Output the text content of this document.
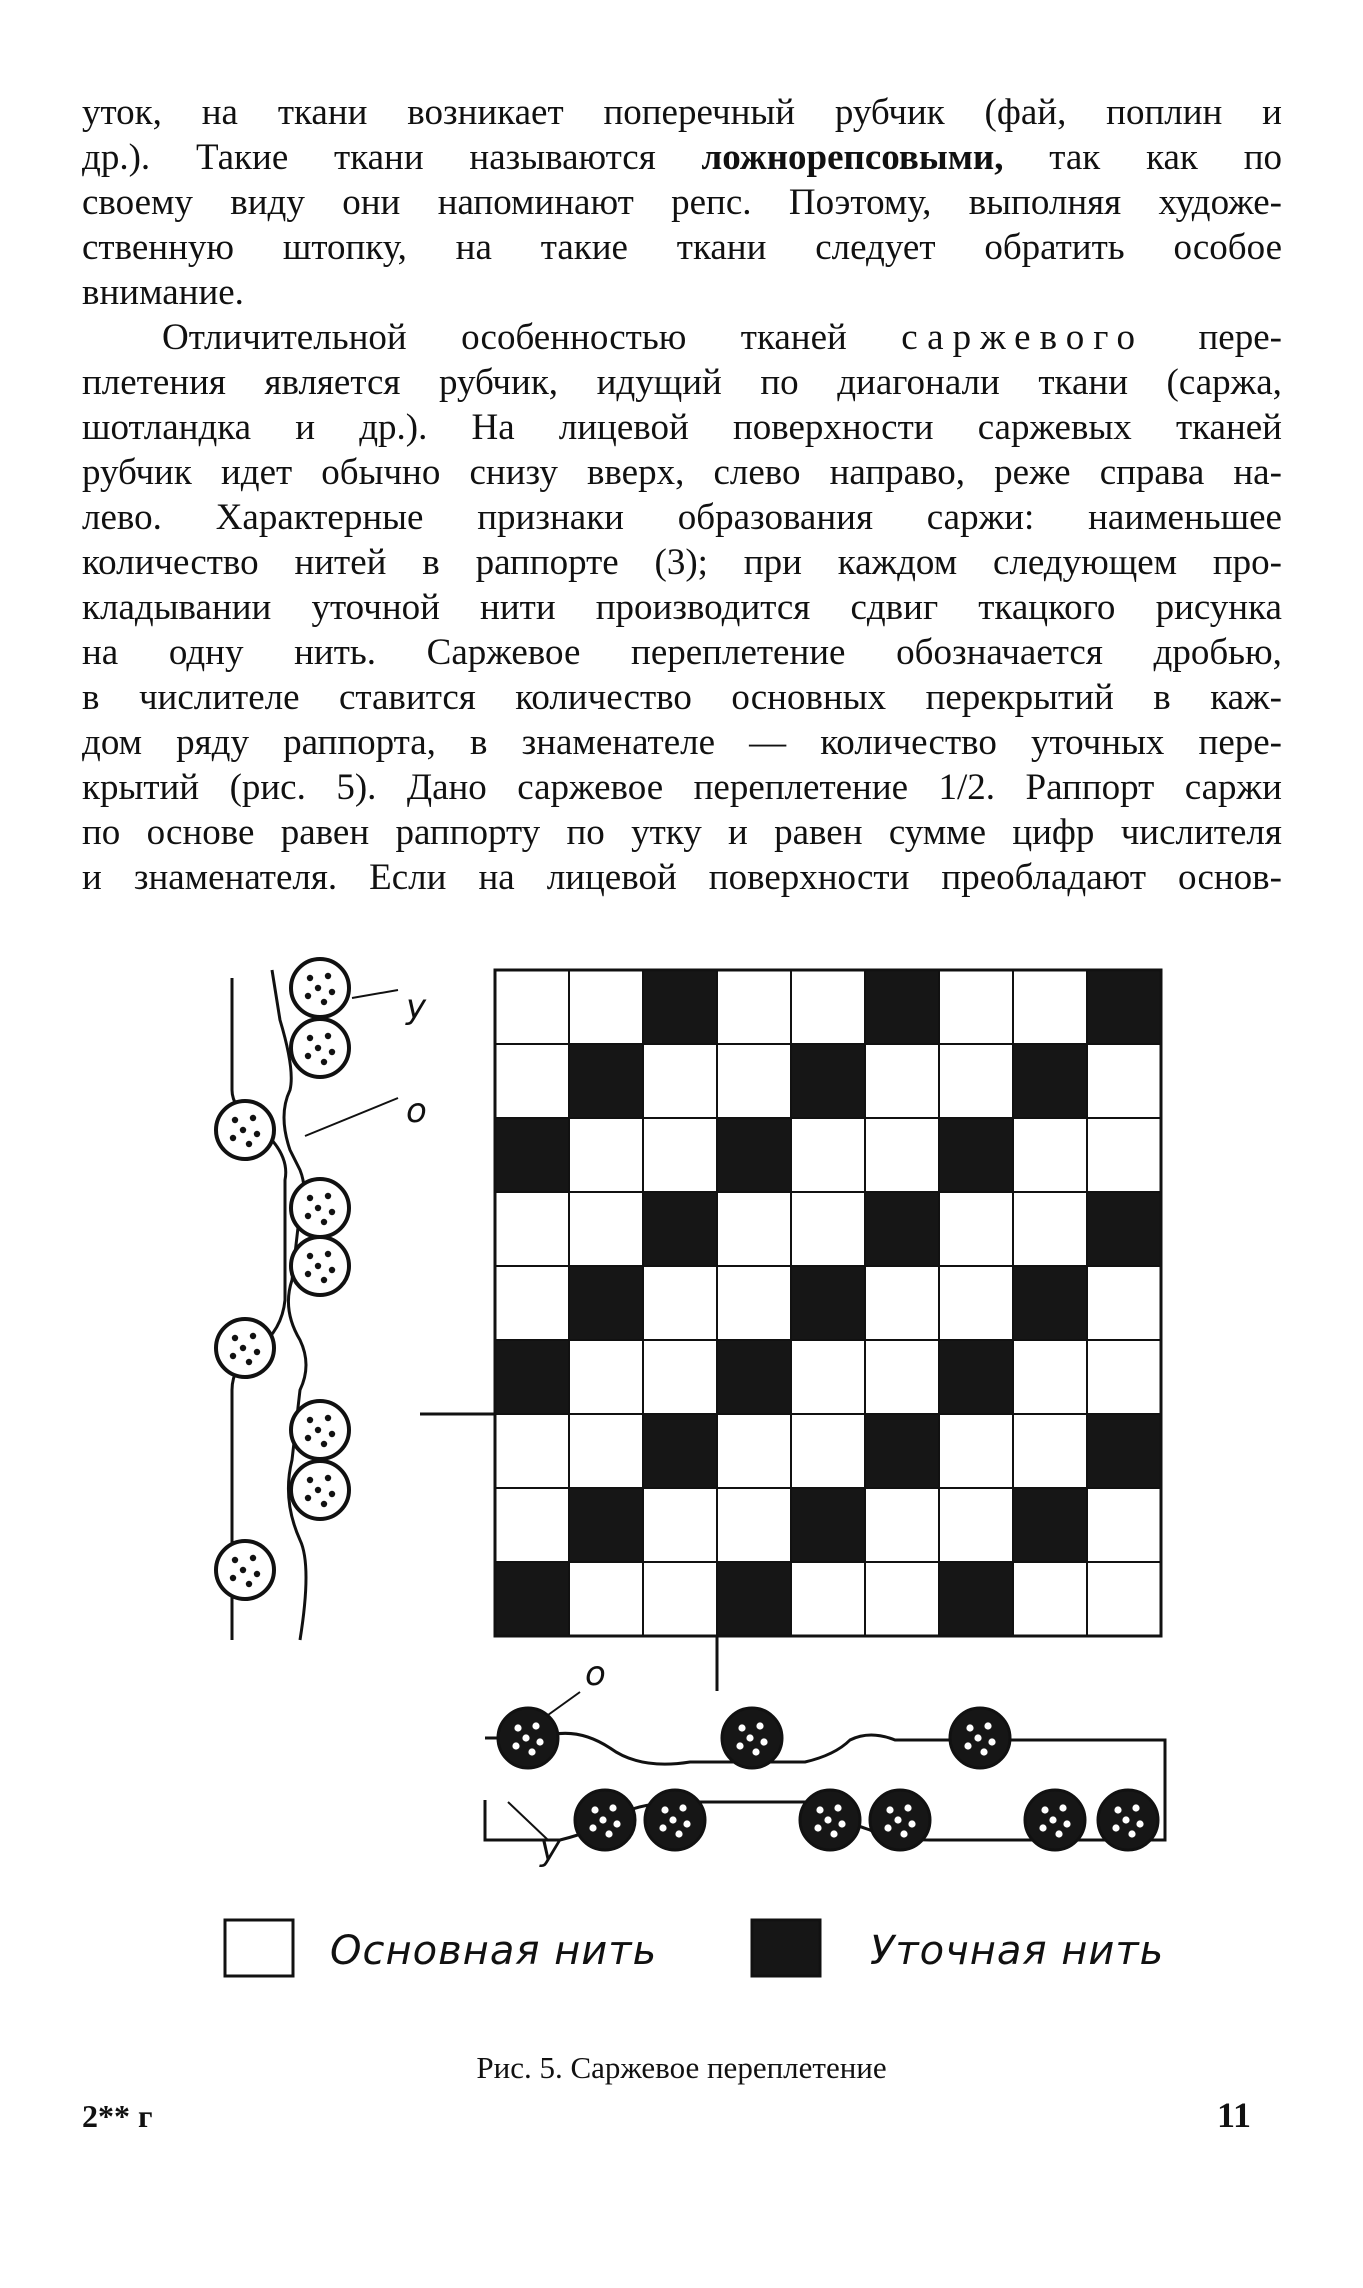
уток, на ткани возникает поперечный рубчик (фай, поплин и
др.). Такие ткани называются ложнорепсовыми, так как по
своему виду они напоминают репс. Поэтому, выполняя художе-
ственную штопку, на такие ткани следует обратить особое
внимание.
Отличительной особенностью тканей саржевого пере-
плетения является рубчик, идущий по диагонали ткани (саржа,
шотландка и др.). На лицевой поверхности саржевых тканей
рубчик идет обычно снизу вверх, слево направо, реже справа на-
лево. Характерные признаки образования саржи: наименьшее
количество нитей в раппорте (3); при каждом следующем про-
кладывании уточной нити производится сдвиг ткацкого рисунка
на одну нить. Саржевое переплетение обозначается дробью,
в числителе ставится количество основных перекрытий в каж-
дом ряду раппорта, в знаменателе — количество уточных пере-
крытий (рис. 5). Дано саржевое переплетение 1/2. Раппорт саржи
по основе равен раппорту по утку и равен сумме цифр числителя
и знаменателя. Если на лицевой поверхности преобладают основ-
у
о
о
у
Основная нить	Уточная нить
Рис. 5. Саржевое переплетение
2** г	11
